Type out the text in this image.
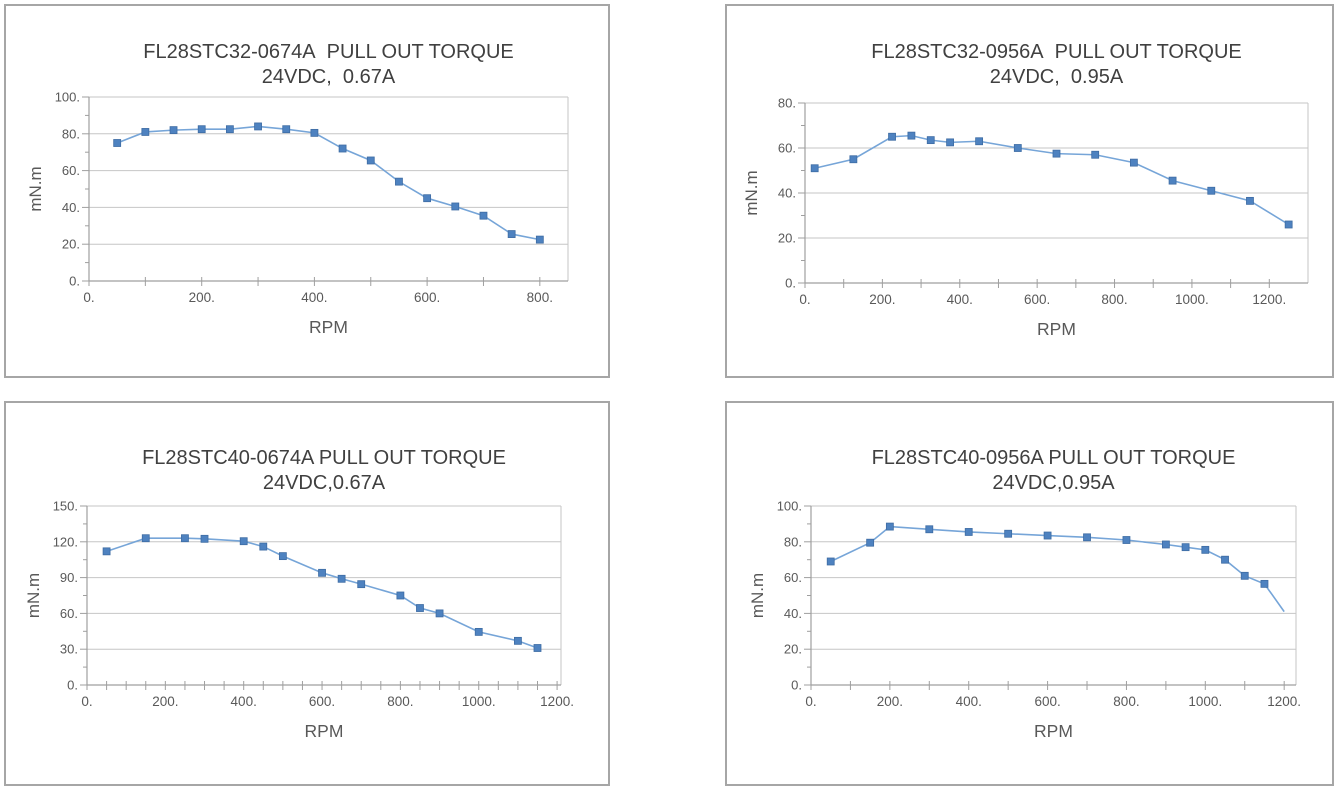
0.
20.
40.
60.
80.
100.
0.	200.	400.	600.	800.
FL28STC32-0674A  PULL OUT TORQUE
24VDC,  0.67A
mN.m
RPM
0.
20.
40.
60.
80.
0.	200.	400.	600.	800.	1000.	1200.
FL28STC32-0956A  PULL OUT TORQUE
24VDC,  0.95A
mN.m
RPM
0.
30.
60.
90.
120.
150.
0.	200.	400.	600.	800.	1000.	1200.
FL28STC40-0674A PULL OUT TORQUE
24VDC,0.67A
mN.m
RPM
0.
20.
40.
60.
80.
100.
0.	200.	400.	600.	800.	1000.	1200.
FL28STC40-0956A PULL OUT TORQUE
24VDC,0.95A
mN.m
RPM
